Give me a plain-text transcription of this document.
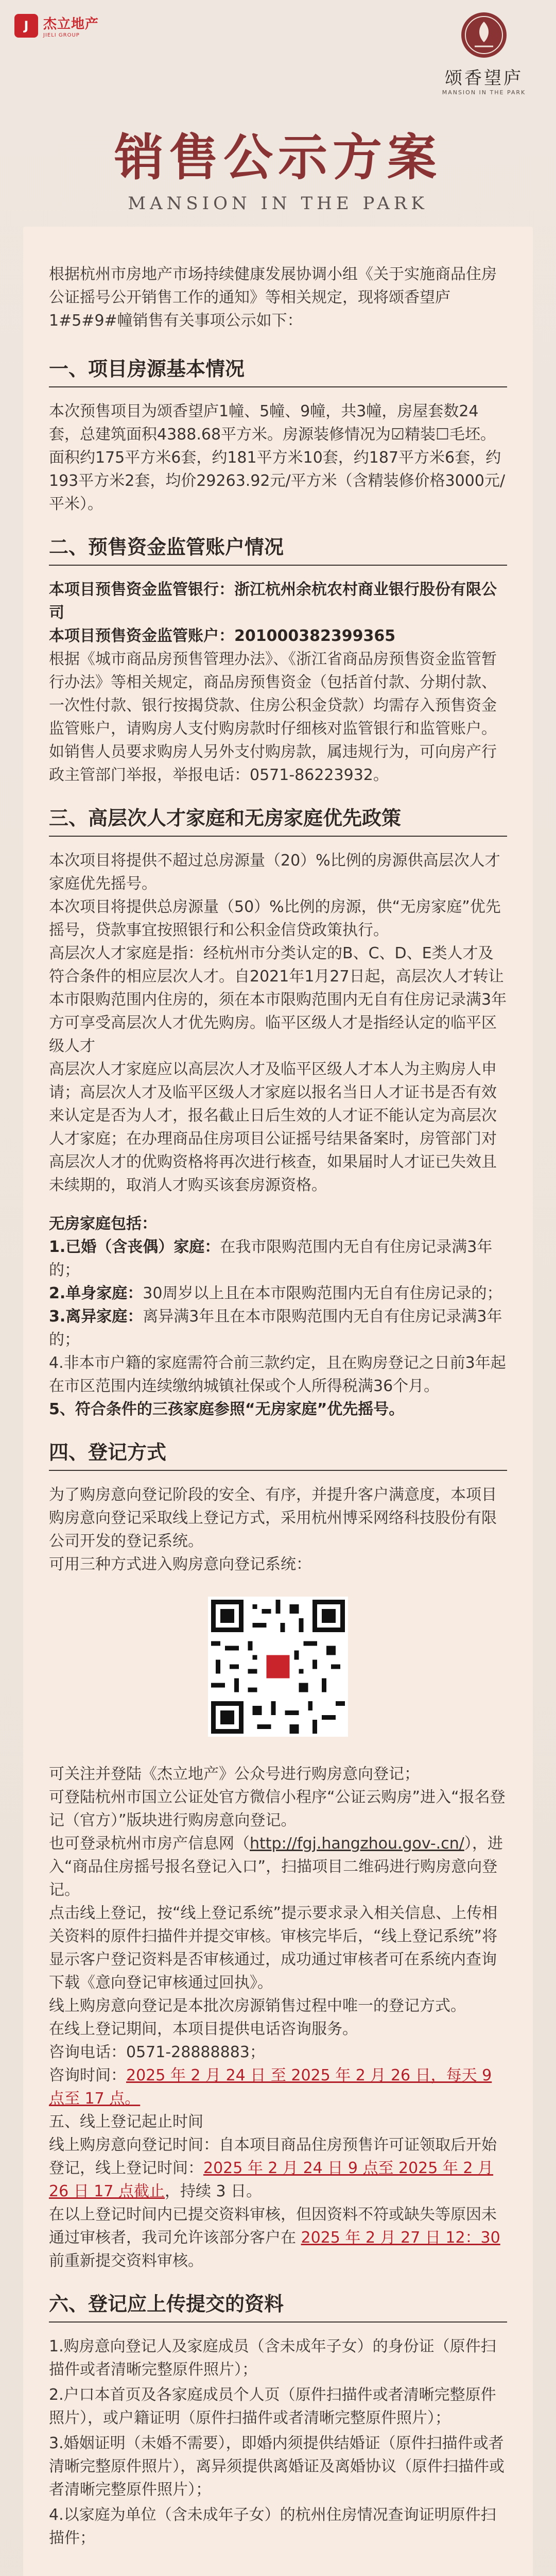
J 杰立地产
JIELI GROUP
颂香望庐
MANSION IN THE PARK
销售公示方案
MANSION IN THE PARK

根据杭州市房地产市场持续健康发展协调小组《关于实施商品住房公证摇号公开销售工作的通知》等相关规定，现将颂香望庐1#5#9#幢销售有关事项公示如下：

一、项目房源基本情况

本次预售项目为颂香望庐1幢、5幢、9幢，共3幢，房屋套数24套，总建筑面积4388.68平方米。房源装修情况为☑精装☐毛坯。面积约175平方米6套，约181平方米10套，约187平方米6套，约193平方米2套，均价29263.92元/平方米（含精装修价格3000元/平米）。

二、预售资金监管账户情况

本项目预售资金监管银行：浙江杭州余杭农村商业银行股份有限公司

本项目预售资金监管账户：201000382399365

根据《城市商品房预售管理办法》、《浙江省商品房预售资金监管暂行办法》等相关规定，商品房预售资金（包括首付款、分期付款、一次性付款、银行按揭贷款、住房公积金贷款）均需存入预售资金监管账户，请购房人支付购房款时仔细核对监管银行和监管账户。如销售人员要求购房人另外支付购房款，属违规行为，可向房产行政主管部门举报，举报电话：0571-86223932。

三、高层次人才家庭和无房家庭优先政策

本次项目将提供不超过总房源量（20）%比例的房源供高层次人才家庭优先摇号。

本次项目将提供总房源量（50）%比例的房源，供“无房家庭”优先摇号，贷款事宜按照银行和公积金信贷政策执行。

高层次人才家庭是指：经杭州市分类认定的B、C、D、E类人才及符合条件的相应层次人才。自2021年1月27日起，高层次人才转让本市限购范围内住房的，须在本市限购范围内无自有住房记录满3年方可享受高层次人才优先购房。临平区级人才是指经认定的临平区级人才

高层次人才家庭应以高层次人才及临平区级人才本人为主购房人申请；高层次人才及临平区级人才家庭以报名当日人才证书是否有效来认定是否为人才，报名截止日后生效的人才证不能认定为高层次人才家庭；在办理商品住房项目公证摇号结果备案时，房管部门对高层次人才的优购资格将再次进行核查，如果届时人才证已失效且未续期的，取消人才购买该套房源资格。

无房家庭包括：

1.已婚（含丧偶）家庭：在我市限购范围内无自有住房记录满3年的；

2.单身家庭：30周岁以上且在本市限购范围内无自有住房记录的；

3.离异家庭：离异满3年且在本市限购范围内无自有住房记录满3年的；

4.非本市户籍的家庭需符合前三款约定，且在购房登记之日前3年起在市区范围内连续缴纳城镇社保或个人所得税满36个月。

5、符合条件的三孩家庭参照“无房家庭”优先摇号。

四、登记方式

为了购房意向登记阶段的安全、有序，并提升客户满意度，本项目购房意向登记采取线上登记方式，采用杭州博采网络科技股份有限公司开发的登记系统。

可用三种方式进入购房意向登记系统：

可关注并登陆《杰立地产》公众号进行购房意向登记；

可登陆杭州市国立公证处官方微信小程序“公证云购房”进入“报名登记（官方）”版块进行购房意向登记。

也可登录杭州市房产信息网（http://fgj.hangzhou.gov-.cn/），进入“商品住房摇号报名登记入口”，扫描项目二维码进行购房意向登记。

点击线上登记，按“线上登记系统”提示要求录入相关信息、上传相关资料的原件扫描件并提交审核。审核完毕后，“线上登记系统”将显示客户登记资料是否审核通过，成功通过审核者可在系统内查询下载《意向登记审核通过回执》。

线上购房意向登记是本批次房源销售过程中唯一的登记方式。

在线上登记期间，本项目提供电话咨询服务。

咨询电话：0571-28888883；

咨询时间：2025 年 2 月 24 日 至 2025 年 2 月 26 日，每天 9 点至 17 点。

五、线上登记起止时间

线上购房意向登记时间：自本项目商品住房预售许可证领取后开始登记，线上登记时间：2025 年 2 月 24 日 9 点至 2025 年 2 月 26 日 17 点截止，持续 3 日。

在以上登记时间内已提交资料审核，但因资料不符或缺失等原因未通过审核者，我司允许该部分客户在 2025 年 2 月 27 日 12：30 前重新提交资料审核。

六、登记应上传提交的资料

1.购房意向登记人及家庭成员（含未成年子女）的身份证（原件扫描件或者清晰完整原件照片）；

2.户口本首页及各家庭成员个人页（原件扫描件或者清晰完整原件照片），或户籍证明（原件扫描件或者清晰完整原件照片）；

3.婚姻证明（未婚不需要），即婚内须提供结婚证（原件扫描件或者清晰完整原件照片），离异须提供离婚证及离婚协议（原件扫描件或者清晰完整原件照片）；

4.以家庭为单位（含未成年子女）的杭州住房情况查询证明原件扫描件；
